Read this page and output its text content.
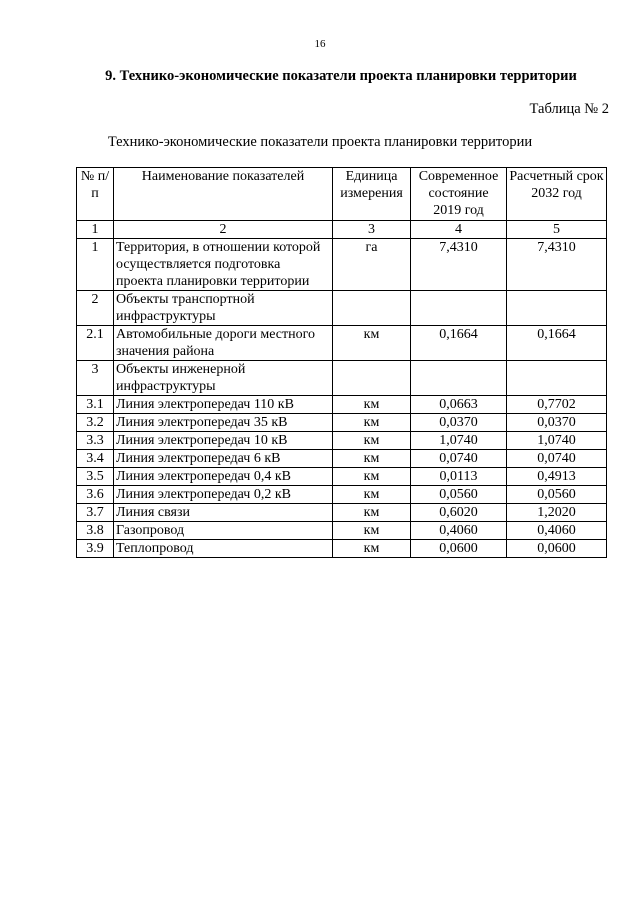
16
9. Технико-экономические показатели проекта планировки территории
Таблица № 2
Технико-экономические показатели проекта планировки территории
№ п/п	Наименование показателей	Единица измерения	Современное состояние 2019 год	Расчетный срок 2032 год
1	2	3	4	5
1	Территория, в отношении которой осуществляется подготовка проекта планировки территории	га	7,4310	7,4310
2	Объекты транспортной инфраструктуры			
2.1	Автомобильные дороги местного значения района	км	0,1664	0,1664
3	Объекты инженерной инфраструктуры			
3.1	Линия электропередач 110 кВ	км	0,0663	0,7702
3.2	Линия электропередач 35 кВ	км	0,0370	0,0370
3.3	Линия электропередач 10 кВ	км	1,0740	1,0740
3.4	Линия электропередач 6 кВ	км	0,0740	0,0740
3.5	Линия электропередач 0,4 кВ	км	0,0113	0,4913
3.6	Линия электропередач 0,2 кВ	км	0,0560	0,0560
3.7	Линия связи	км	0,6020	1,2020
3.8	Газопровод	км	0,4060	0,4060
3.9	Теплопровод	км	0,0600	0,0600
